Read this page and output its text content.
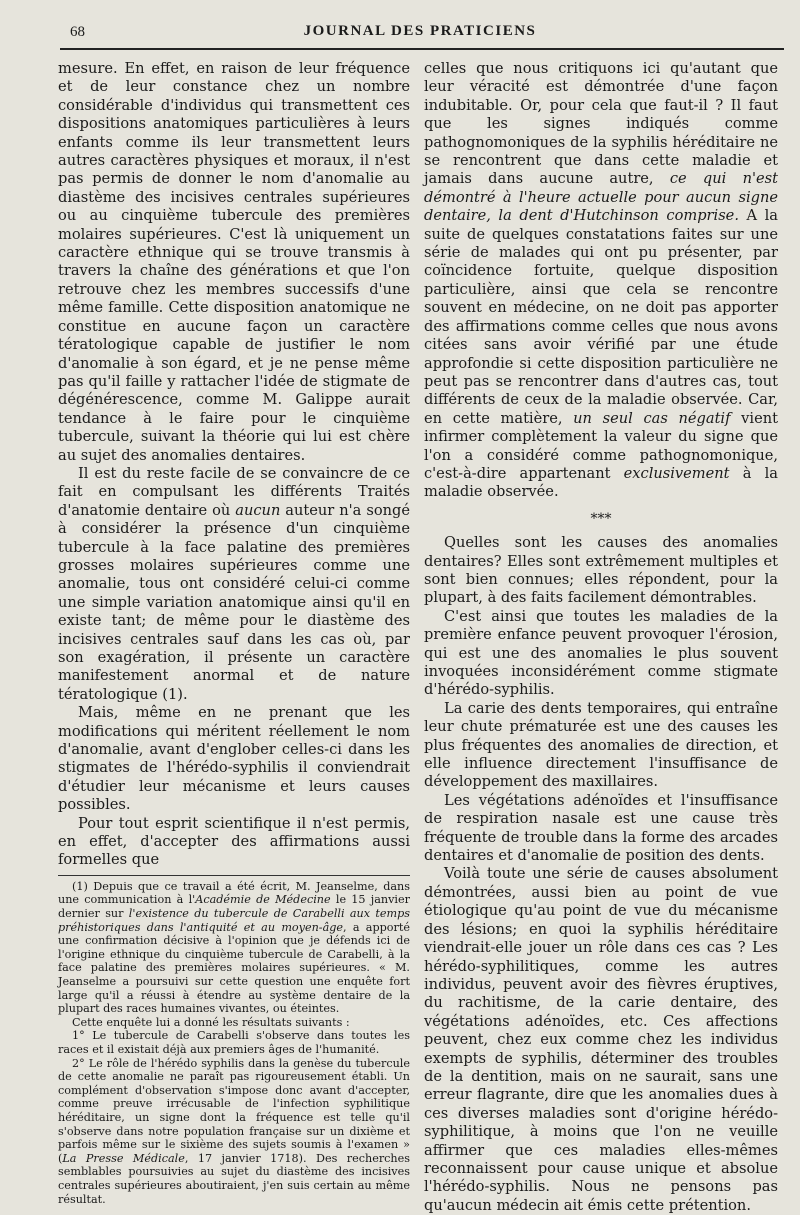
68	JOURNAL DES PRATICIENS

mesure. En effet, en raison de leur fréquence et de leur constance chez un nombre considérable d'individus qui transmettent ces dispositions anatomiques particulières à leurs enfants comme ils leur transmettent leurs autres caractères physiques et moraux, il n'est pas permis de donner le nom d'anomalie au diastème des incisives centrales supérieures ou au cinquième tubercule des premières molaires supérieures. C'est là uniquement un caractère ethnique qui se trouve transmis à travers la chaîne des générations et que l'on retrouve chez les membres successifs d'une même famille. Cette disposition anatomique ne constitue en aucune façon un caractère tératologique capable de justifier le nom d'anomalie à son égard, et je ne pense même pas qu'il faille y rattacher l'idée de stigmate de dégénérescence, comme M. Galippe aurait tendance à le faire pour le cinquième tubercule, suivant la théorie qui lui est chère au sujet des anomalies dentaires.

Il est du reste facile de se convaincre de ce fait en compulsant les différents Traités d'anatomie dentaire où aucun auteur n'a songé à considérer la présence d'un cinquième tubercule à la face palatine des premières grosses molaires supérieures comme une anomalie, tous ont considéré celui-ci comme une simple variation anatomique ainsi qu'il en existe tant; de même pour le diastème des incisives centrales sauf dans les cas où, par son exagération, il présente un caractère manifestement anormal et de nature tératologique (1).

Mais, même en ne prenant que les modifications qui méritent réellement le nom d'anomalie, avant d'englober celles-ci dans les stigmates de l'hérédo-syphilis il conviendrait d'étudier leur mécanisme et leurs causes possibles.

Pour tout esprit scientifique il n'est permis, en effet, d'accepter des affirmations aussi formelles que

(1) Depuis que ce travail a été écrit, M. Jeanselme, dans une communication à l'Académie de Médecine le 15 janvier dernier sur l'existence du tubercule de Carabelli aux temps préhistoriques dans l'antiquité et au moyen-âge, a apporté une confirmation décisive à l'opinion que je défends ici de l'origine ethnique du cinquième tubercule de Carabelli, à la face palatine des premières molaires supérieures. « M. Jeanselme a poursuivi sur cette question une enquête fort large qu'il a réussi à étendre au système dentaire de la plupart des races humaines vivantes, ou éteintes.

Cette enquête lui a donné les résultats suivants :

1° Le tubercule de Carabelli s'observe dans toutes les races et il existait déjà aux premiers âges de l'humanité.

2° Le rôle de l'hérédo syphilis dans la genèse du tubercule de cette anomalie ne paraît pas rigoureusement établi. Un complément d'observation s'impose donc avant d'accepter, comme preuve irrécusable de l'infection syphilitique héréditaire, un signe dont la fréquence est telle qu'il s'observe dans notre population française sur un dixième et parfois même sur le sixième des sujets soumis à l'examen » (La Presse Médicale, 17 janvier 1718). Des recherches semblables poursuivies au sujet du diastème des incisives centrales supérieures aboutiraient, j'en suis certain au même résultat.

celles que nous critiquons ici qu'autant que leur véracité est démontrée d'une façon indubitable. Or, pour cela que faut-il ? Il faut que les signes indiqués comme pathognomoniques de la syphilis héréditaire ne se rencontrent que dans cette maladie et jamais dans aucune autre, ce qui n'est démontré à l'heure actuelle pour aucun signe dentaire, la dent d'Hutchinson comprise. A la suite de quelques constatations faites sur une série de malades qui ont pu présenter, par coïncidence fortuite, quelque disposition particulière, ainsi que cela se rencontre souvent en médecine, on ne doit pas apporter des affirmations comme celles que nous avons citées sans avoir vérifié par une étude approfondie si cette disposition particulière ne peut pas se rencontrer dans d'autres cas, tout différents de ceux de la maladie observée. Car, en cette matière, un seul cas négatif vient infirmer complètement la valeur du signe que l'on a considéré comme pathognomonique, c'est-à-dire appartenant exclusivement à la maladie observée.

***

Quelles sont les causes des anomalies dentaires? Elles sont extrêmement multiples et sont bien connues; elles répondent, pour la plupart, à des faits facilement démontrables.

C'est ainsi que toutes les maladies de la première enfance peuvent provoquer l'érosion, qui est une des anomalies le plus souvent invoquées inconsidérément comme stigmate d'hérédo-syphilis.

La carie des dents temporaires, qui entraîne leur chute prématurée est une des causes les plus fréquentes des anomalies de direction, et elle influence directement l'insuffisance de développement des maxillaires.

Les végétations adénoïdes et l'insuffisance de respiration nasale est une cause très fréquente de trouble dans la forme des arcades dentaires et d'anomalie de position des dents.

Voilà toute une série de causes absolument démontrées, aussi bien au point de vue étiologique qu'au point de vue du mécanisme des lésions; en quoi la syphilis héréditaire viendrait-elle jouer un rôle dans ces cas ? Les hérédo-syphilitiques, comme les autres individus, peuvent avoir des fièvres éruptives, du rachitisme, de la carie dentaire, des végétations adénoïdes, etc. Ces affections peuvent, chez eux comme chez les individus exempts de syphilis, déterminer des troubles de la dentition, mais on ne saurait, sans une erreur flagrante, dire que les anomalies dues à ces diverses maladies sont d'origine hérédo-syphilitique, à moins que l'on ne veuille affirmer que ces maladies elles-mêmes reconnaissent pour cause unique et absolue l'hérédo-syphilis. Nous ne pensons pas qu'aucun médecin ait émis cette prétention.
